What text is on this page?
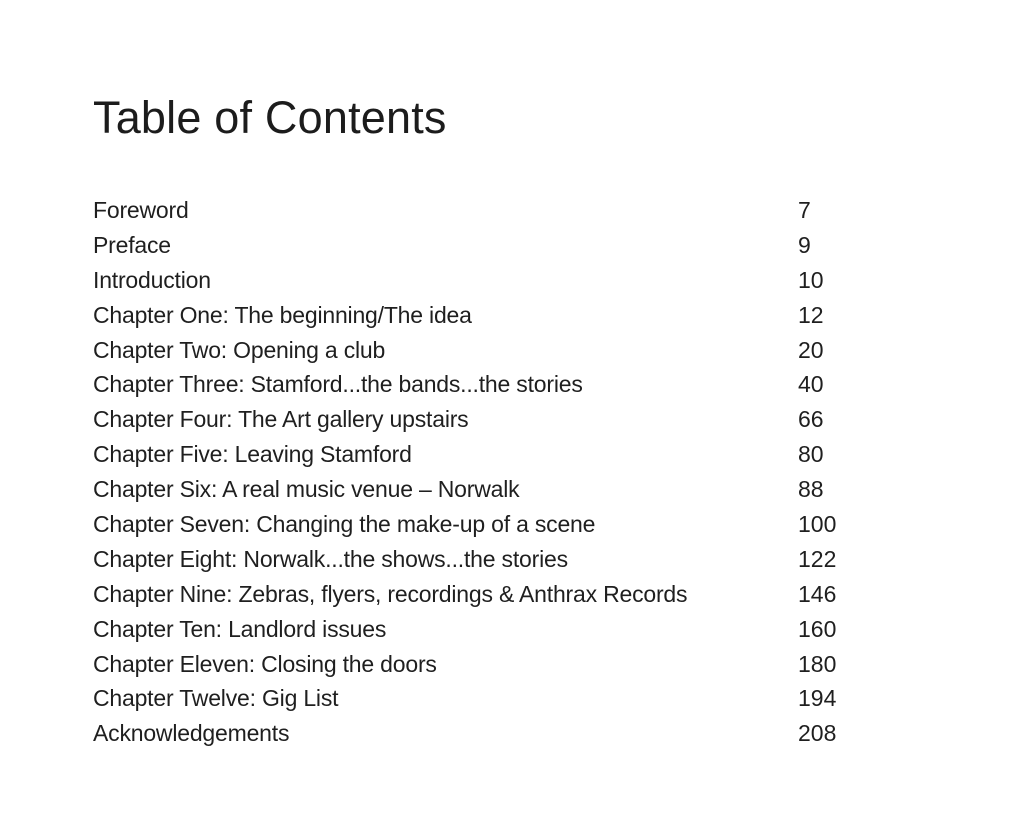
Table of Contents
Foreword	7
Preface	9
Introduction	10
Chapter One: The beginning/The idea	12
Chapter Two: Opening a club	20
Chapter Three: Stamford...the bands...the stories	40
Chapter Four: The Art gallery upstairs	66
Chapter Five: Leaving Stamford	80
Chapter Six: A real music venue – Norwalk	88
Chapter Seven: Changing the make-up of a scene	100
Chapter Eight: Norwalk...the shows...the stories	122
Chapter Nine: Zebras, flyers, recordings & Anthrax Records	146
Chapter Ten: Landlord issues	160
Chapter Eleven: Closing the doors	180
Chapter Twelve: Gig List	194
Acknowledgements	208
